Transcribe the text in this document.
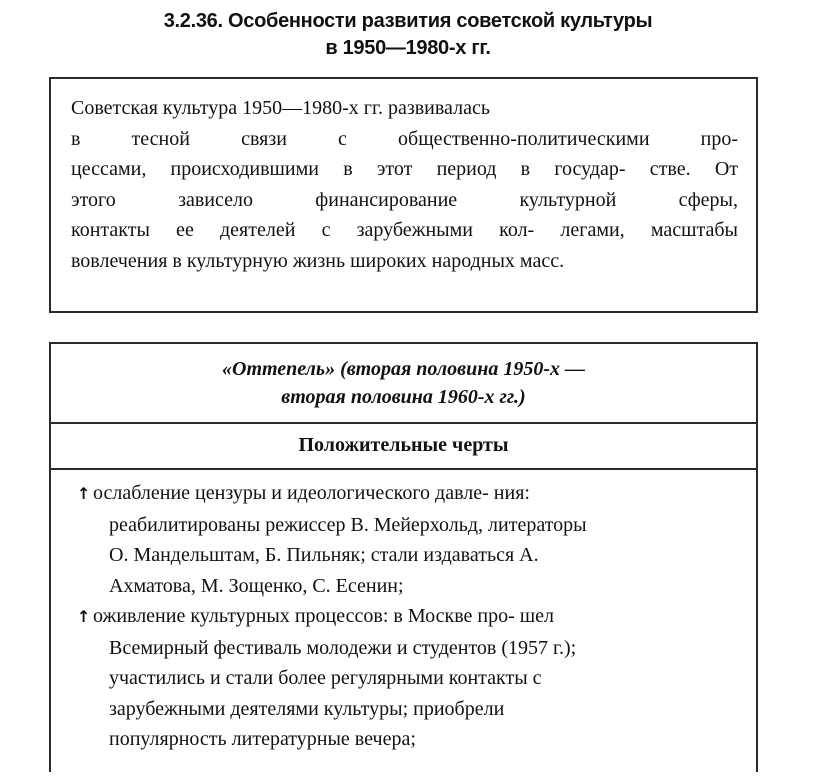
3.2.36. Особенности развития советской культуры
в 1950—1980-х гг.
Советская культура 1950—1980-х гг. развивалась
в тесной связи с общественно-политическими про-
цессами, происходившими в этот период в государ- стве. От
этого зависело финансирование культурной сферы,
контакты ее деятелей с зарубежными кол- легами, масштабы
вовлечения в культурную жизнь широких народных масс.
«Оттепель» (вторая половина 1950-х —
вторая половина 1960-х гг.)
Положительные черты
↑ ослабление цензуры и идеологического давле- ния:
реабилитированы режиссер В. Мейерхольд, литераторы
О. Мандельштам, Б. Пильняк; стали издаваться А.
Ахматова, М. Зощенко, С. Есенин;
↑ оживление культурных процессов: в Москве про- шел
Всемирный фестиваль молодежи и студентов (1957 г.);
участились и стали более регулярными контакты с
зарубежными деятелями культуры; приобрели
популярность литературные вечера;
